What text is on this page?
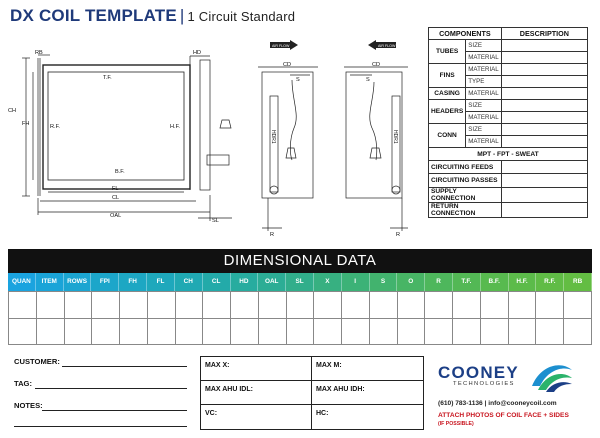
DX COIL TEMPLATE | 1 Circuit Standard
RB	HD
CH
FH
T.F.
R.F.	H.F.
B.F.
FL
CL
OAL
SL
AIR FLOW
CD
S
R
AIR FLOW
CD
S
R
HDR1	HDR1
COMPONENTS		DESCRIPTION
TUBES	SIZE	
	MATERIAL	
FINS	MATERIAL	
	TYPE	
CASING	MATERIAL	
HEADERS	SIZE	
	MATERIAL	
CONN	SIZE	
	MATERIAL	
MPT - FPT - SWEAT		
CIRCUITING FEEDS		
CIRCUITING PASSES		
SUPPLY CONNECTION		
RETURN CONNECTION		
DIMENSIONAL DATA
QUAN	ITEM	ROWS	FPI	FH	FL	CH	CL	HD	OAL	SL	X	I	S	O	R	T.F.	B.F.	H.F.	R.F.	RB
CUSTOMER:
TAG:
NOTES:
MAX X:	MAX M:
MAX AHU IDL:	MAX AHU IDH:
VC:	HC:
COONEY
TECHNOLOGIES
(610) 783-1136 | info@cooneycoil.com
ATTACH PHOTOS OF COIL FACE + SIDES
(IF POSSIBLE)
